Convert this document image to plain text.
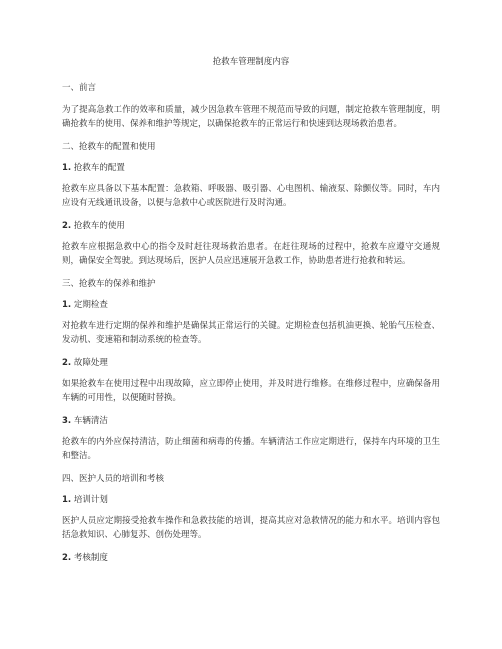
抢救车管理制度内容
一、前言
为了提高急救工作的效率和质量，减少因急救车管理不规范而导致的问题，制定抢救车管理制度，明确抢救车的使用、保养和维护等规定，以确保抢救车的正常运行和快速到达现场救治患者。
二、抢救车的配置和使用
1. 抢救车的配置
抢救车应具备以下基本配置：急救箱、呼吸器、吸引器、心电图机、输液泵、除颤仪等。同时，车内应设有无线通讯设备，以便与急救中心或医院进行及时沟通。
2. 抢救车的使用
抢救车应根据急救中心的指令及时赶往现场救治患者。在赶往现场的过程中，抢救车应遵守交通规则，确保安全驾驶。到达现场后，医护人员应迅速展开急救工作，协助患者进行抢救和转运。
三、抢救车的保养和维护
1. 定期检查
对抢救车进行定期的保养和维护是确保其正常运行的关键。定期检查包括机油更换、轮胎气压检查、发动机、变速箱和制动系统的检查等。
2. 故障处理
如果抢救车在使用过程中出现故障，应立即停止使用，并及时进行维修。在维修过程中，应确保备用车辆的可用性，以便随时替换。
3. 车辆清洁
抢救车的内外应保持清洁，防止细菌和病毒的传播。车辆清洁工作应定期进行，保持车内环境的卫生和整洁。
四、医护人员的培训和考核
1. 培训计划
医护人员应定期接受抢救车操作和急救技能的培训，提高其应对急救情况的能力和水平。培训内容包括急救知识、心肺复苏、创伤处理等。
2. 考核制度
